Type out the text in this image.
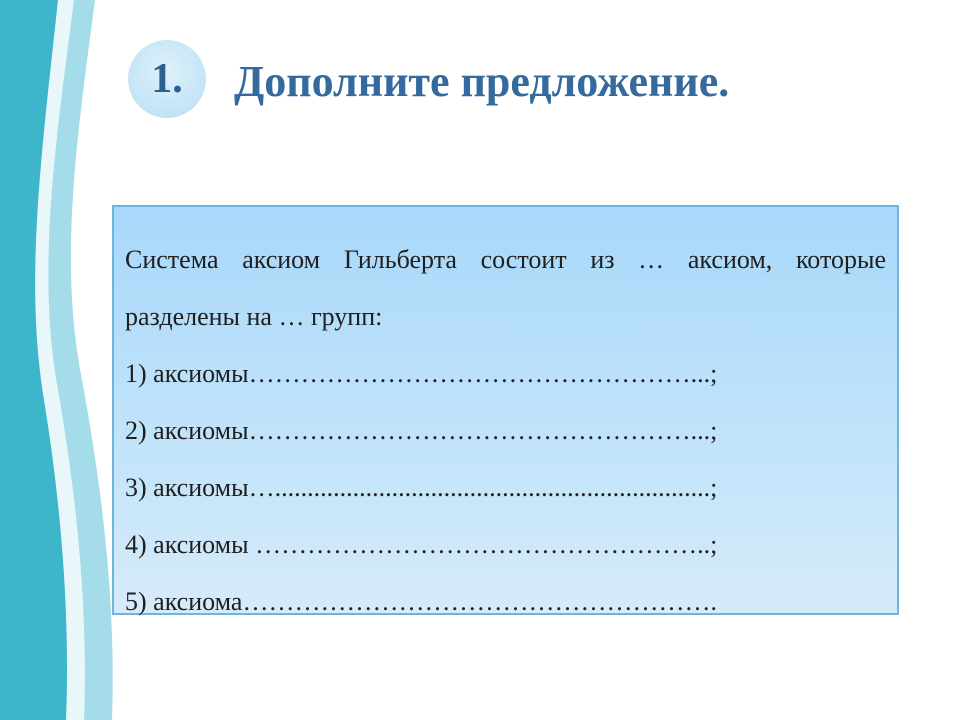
1. Дополните предложение.

Система аксиом Гильберта состоит из … аксиом, которые разделены на … групп:

1) аксиомы……………………………………………...;
2) аксиомы……………………………………………...;
3) аксиомы…...................................................................;
4) аксиомы ……………………………………………..;
5) аксиома……………………………………………….
